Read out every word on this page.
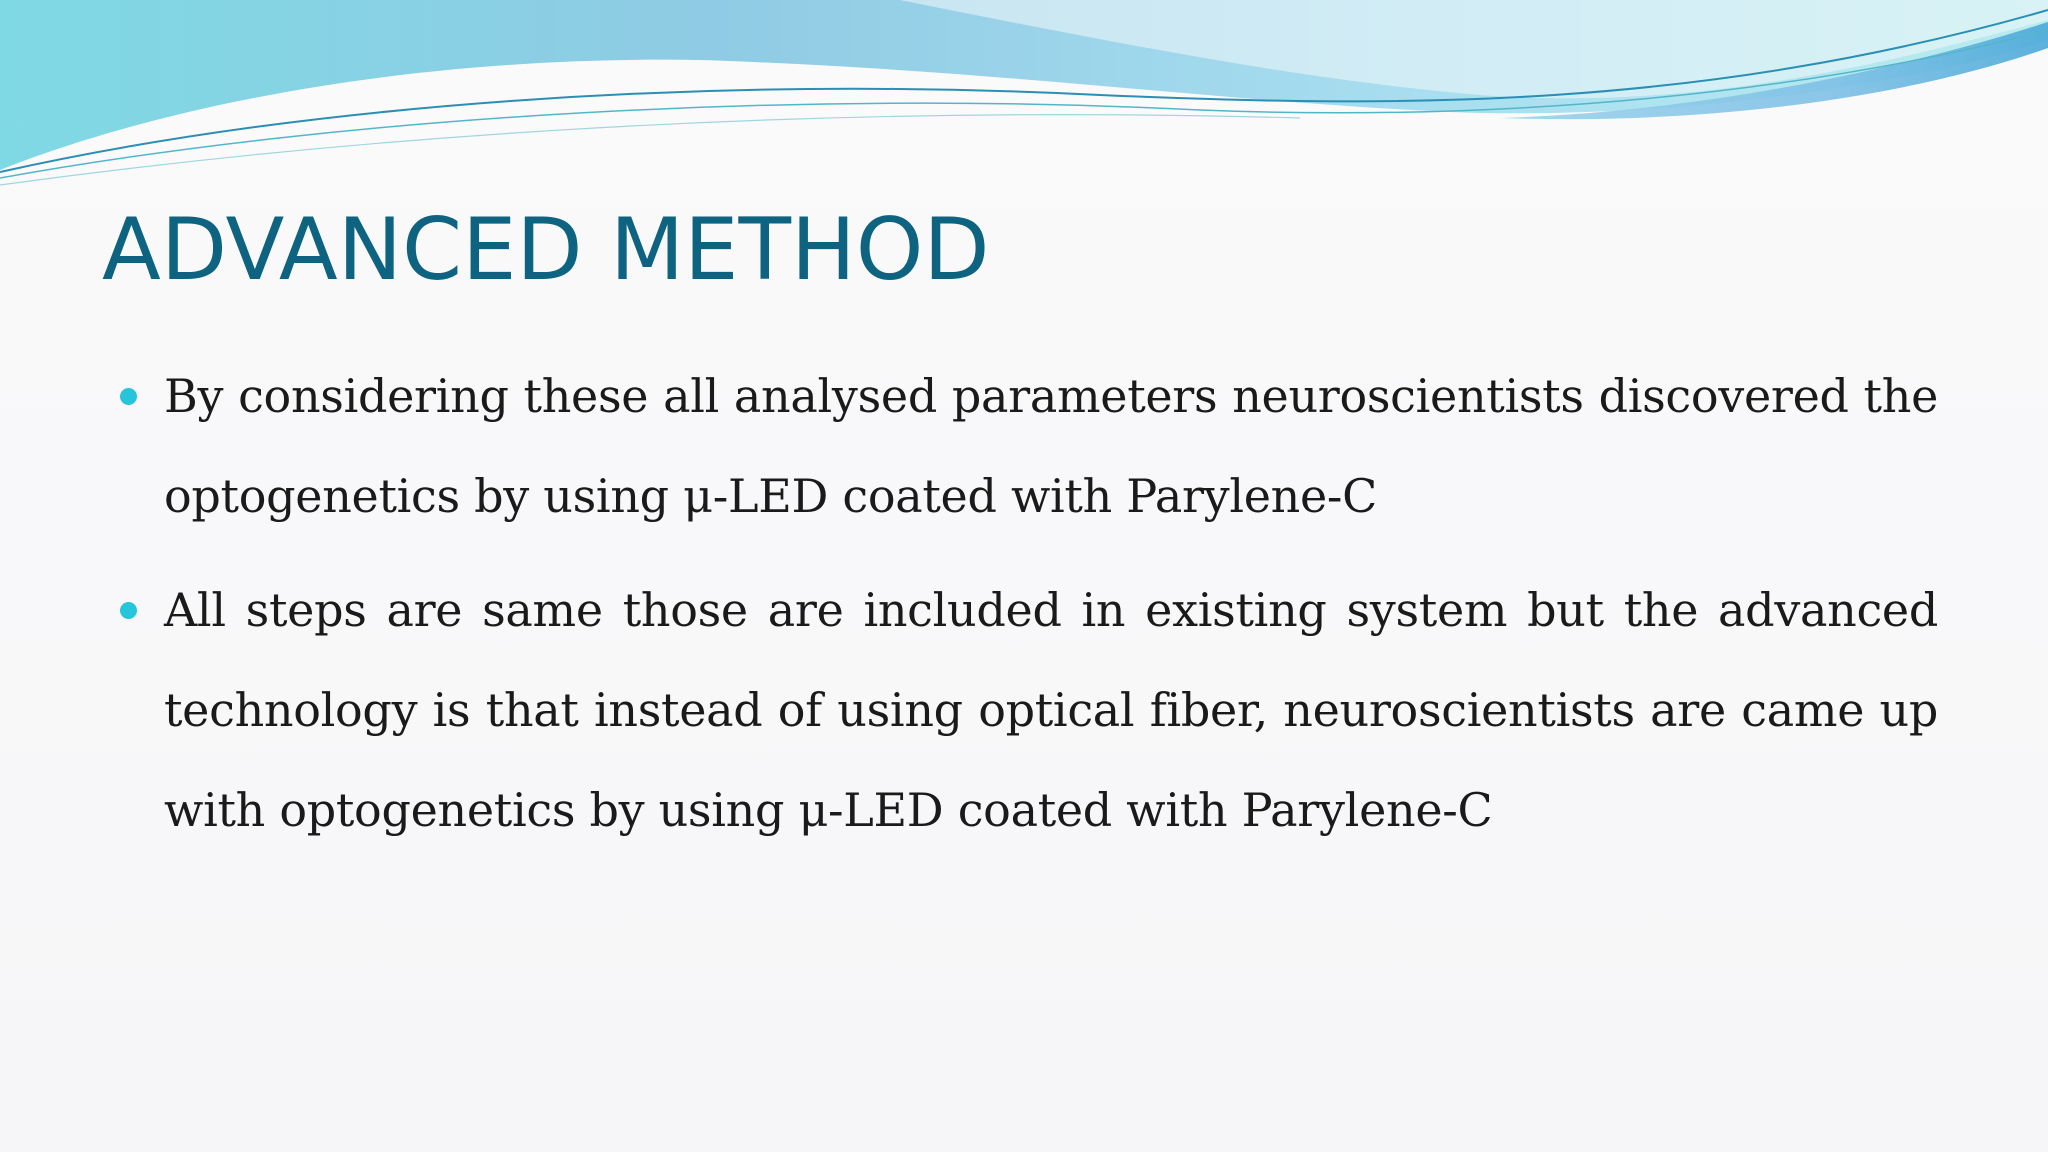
ADVANCED METHOD
By considering these all analysed parameters neuroscientists discovered the optogenetics by using μ-LED coated with Parylene-C
All steps are same those are included in existing system but the advanced technology is that instead of using optical fiber, neuroscientists are came up with optogenetics by using μ-LED coated with Parylene-C
